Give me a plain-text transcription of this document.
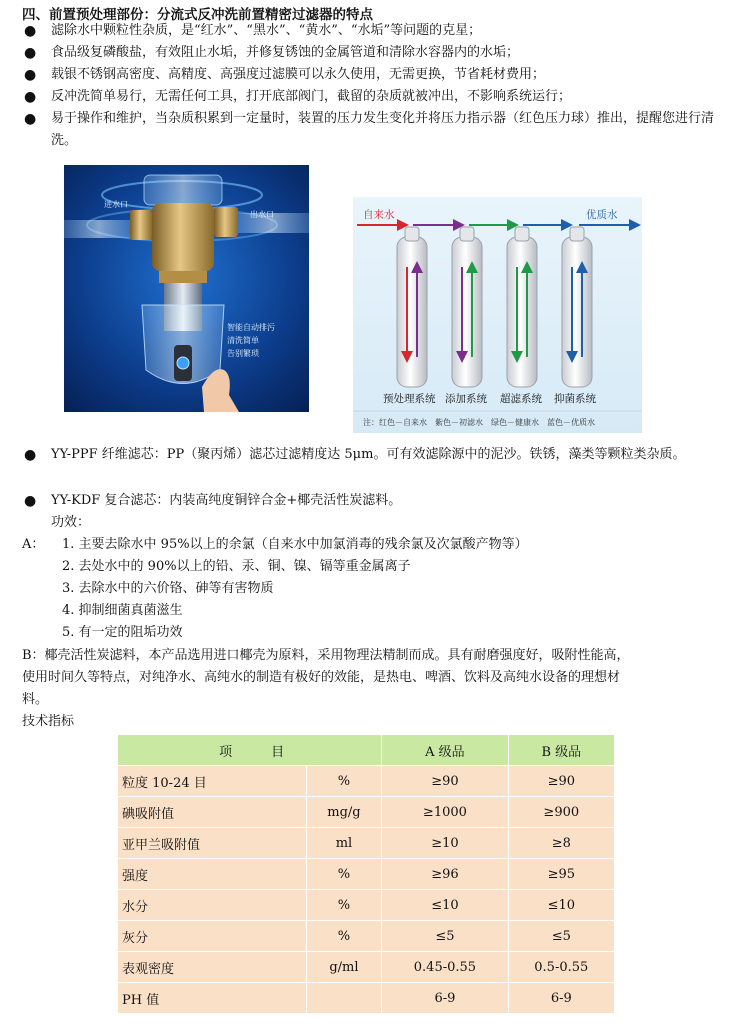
四、前置预处理部份：分流式反冲洗前置精密过滤器的特点
● 滤除水中颗粒性杂质，是“红水”、“黑水”、“黄水”、“水垢”等问题的克星；
● 食品级复磷酸盐，有效阻止水垢，并修复锈蚀的金属管道和清除水容器内的水垢；
● 载银不锈钢高密度、高精度、高强度过滤膜可以永久使用，无需更换，节省耗材费用；
● 反冲洗简单易行，无需任何工具，打开底部阀门，截留的杂质就被冲出，不影响系统运行；
● 易于操作和维护，当杂质积累到一定量时，装置的压力发生变化并将压力指示器（红色压力球）推出，提醒您进行清洗。
进水口
出水口
智能自动排污
清洗简单
告别繁琐
自来水	优质水
预处理系统 添加系统 超滤系统 抑菌系统
注：红色－自来水　紫色－初滤水　绿色－健康水　蓝色－优质水
● YY-PPF 纤维滤芯：PP（聚丙烯）滤芯过滤精度达 5μm。可有效滤除源中的泥沙。铁锈，藻类等颗粒类杂质。
● YY-KDF 复合滤芯：内装高纯度铜锌合金+椰壳活性炭滤料。
功效：
A： 1. 主要去除水中 95%以上的余氯（自来水中加氯消毒的残余氯及次氯酸产物等）
2. 去处水中的 90%以上的铅、汞、铜、镍、镉等重金属离子
3. 去除水中的六价铬、砷等有害物质
4. 抑制细菌真菌滋生
5. 有一定的阻垢功效
B：椰壳活性炭滤料，本产品选用进口椰壳为原料，采用物理法精制而成。具有耐磨强度好，吸附性能高，
使用时间久等特点，对纯净水、高纯水的制造有极好的效能，是热电、啤酒、饮料及高纯水设备的理想材
料。
技术指标
项　　　目		A 级品	B 级品
粒度 10-24 目	%	≥90	≥90
碘吸附值	mg/g	≥1000	≥900
亚甲兰吸附值	ml	≥10	≥8
强度	%	≥96	≥95
水分	%	≤10	≤10
灰分	%	≤5	≤5
表观密度	g/ml	0.45-0.55	0.5-0.55
PH 值		6-9	6-9
